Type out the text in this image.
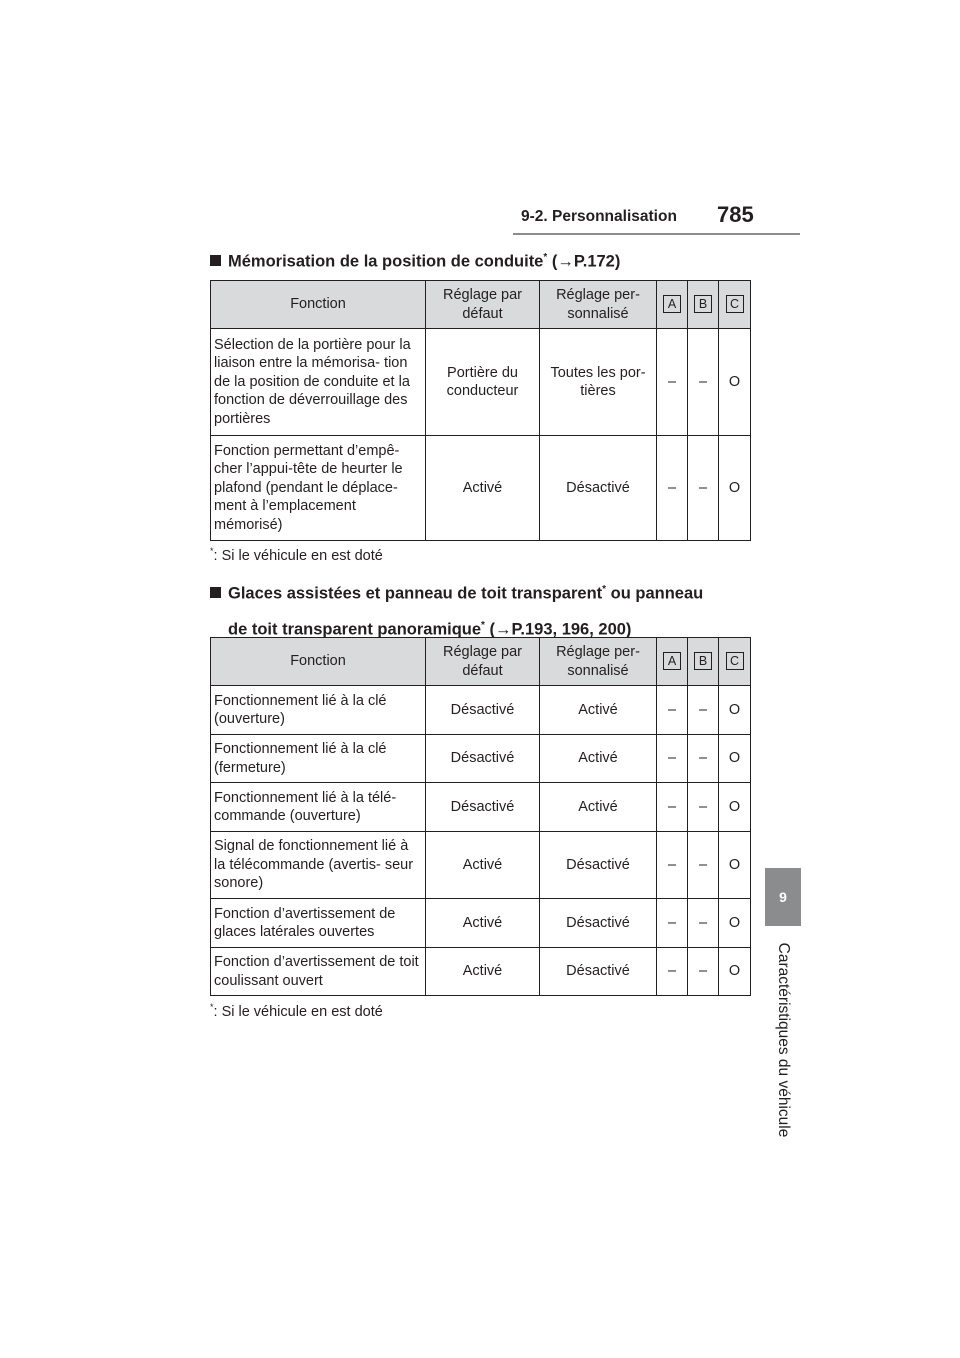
9-2. Personnalisation 785
9
Caractéristiques du véhicule
Mémorisation de la position de conduite* (→P.172)
Fonction	Réglage par défaut	Réglage per- sonnalisé	A	B	C
Sélection de la portière pour la liaison entre la mémorisa- tion de la position de conduite et la fonction de déverrouillage des portières	Portière du conducteur	Toutes les por- tières	–	–	O
Fonction permettant d’empê- cher l’appui-tête de heurter le plafond (pendant le déplace- ment à l’emplacement mémorisé)	Activé	Désactivé	–	–	O
*: Si le véhicule en est doté
Glaces assistées et panneau de toit transparent* ou panneau
de toit transparent panoramique* (→P.193, 196, 200)
Fonction	Réglage par défaut	Réglage per- sonnalisé	A	B	C
Fonctionnement lié à la clé (ouverture)	Désactivé	Activé	–	–	O
Fonctionnement lié à la clé (fermeture)	Désactivé	Activé	–	–	O
Fonctionnement lié à la télé- commande (ouverture)	Désactivé	Activé	–	–	O
Signal de fonctionnement lié à la télécommande (avertis- seur sonore)	Activé	Désactivé	–	–	O
Fonction d’avertissement de glaces latérales ouvertes	Activé	Désactivé	–	–	O
Fonction d’avertissement de toit coulissant ouvert	Activé	Désactivé	–	–	O
*: Si le véhicule en est doté
